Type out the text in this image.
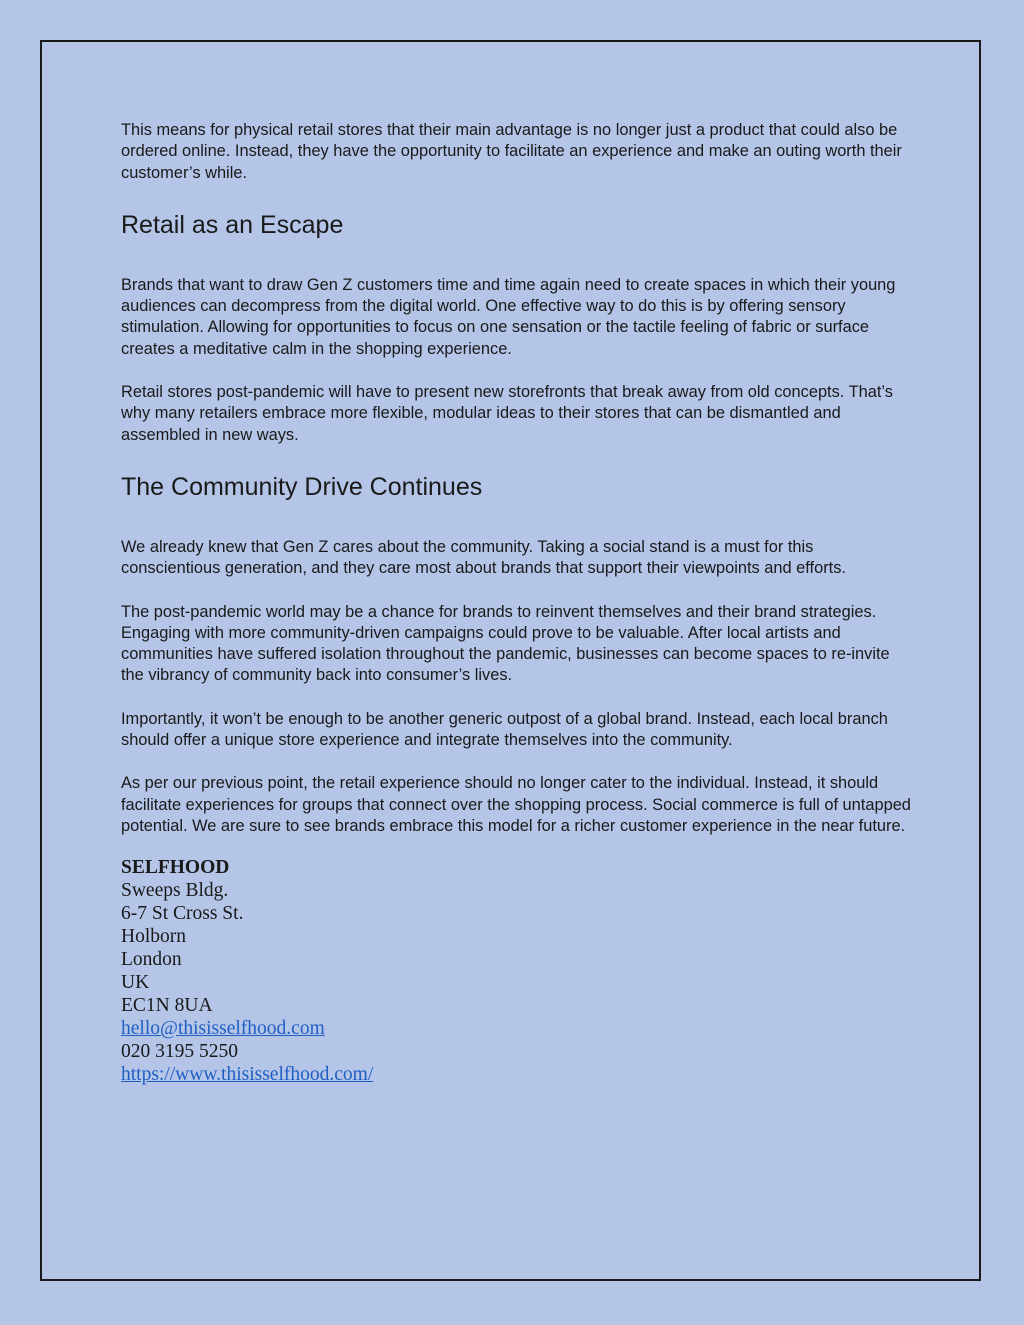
This means for physical retail stores that their main advantage is no longer just a product that could also be ordered online. Instead, they have the opportunity to facilitate an experience and make an outing worth their customer’s while.

Retail as an Escape

Brands that want to draw Gen Z customers time and time again need to create spaces in which their young audiences can decompress from the digital world. One effective way to do this is by offering sensory stimulation. Allowing for opportunities to focus on one sensation or the tactile feeling of fabric or surface creates a meditative calm in the shopping experience.

Retail stores post-pandemic will have to present new storefronts that break away from old concepts. That’s why many retailers embrace more flexible, modular ideas to their stores that can be dismantled and assembled in new ways.

The Community Drive Continues

We already knew that Gen Z cares about the community. Taking a social stand is a must for this conscientious generation, and they care most about brands that support their viewpoints and efforts.

The post-pandemic world may be a chance for brands to reinvent themselves and their brand strategies. Engaging with more community-driven campaigns could prove to be valuable. After local artists and communities have suffered isolation throughout the pandemic, businesses can become spaces to re-invite the vibrancy of community back into consumer’s lives.

Importantly, it won’t be enough to be another generic outpost of a global brand. Instead, each local branch should offer a unique store experience and integrate themselves into the community.

As per our previous point, the retail experience should no longer cater to the individual. Instead, it should facilitate experiences for groups that connect over the shopping process. Social commerce is full of untapped potential. We are sure to see brands embrace this model for a richer customer experience in the near future.

SELFHOOD
Sweeps Bldg.
6-7 St Cross St.
Holborn
London
UK
EC1N 8UA
hello@thisisselfhood.com
020 3195 5250
https://www.thisisselfhood.com/
